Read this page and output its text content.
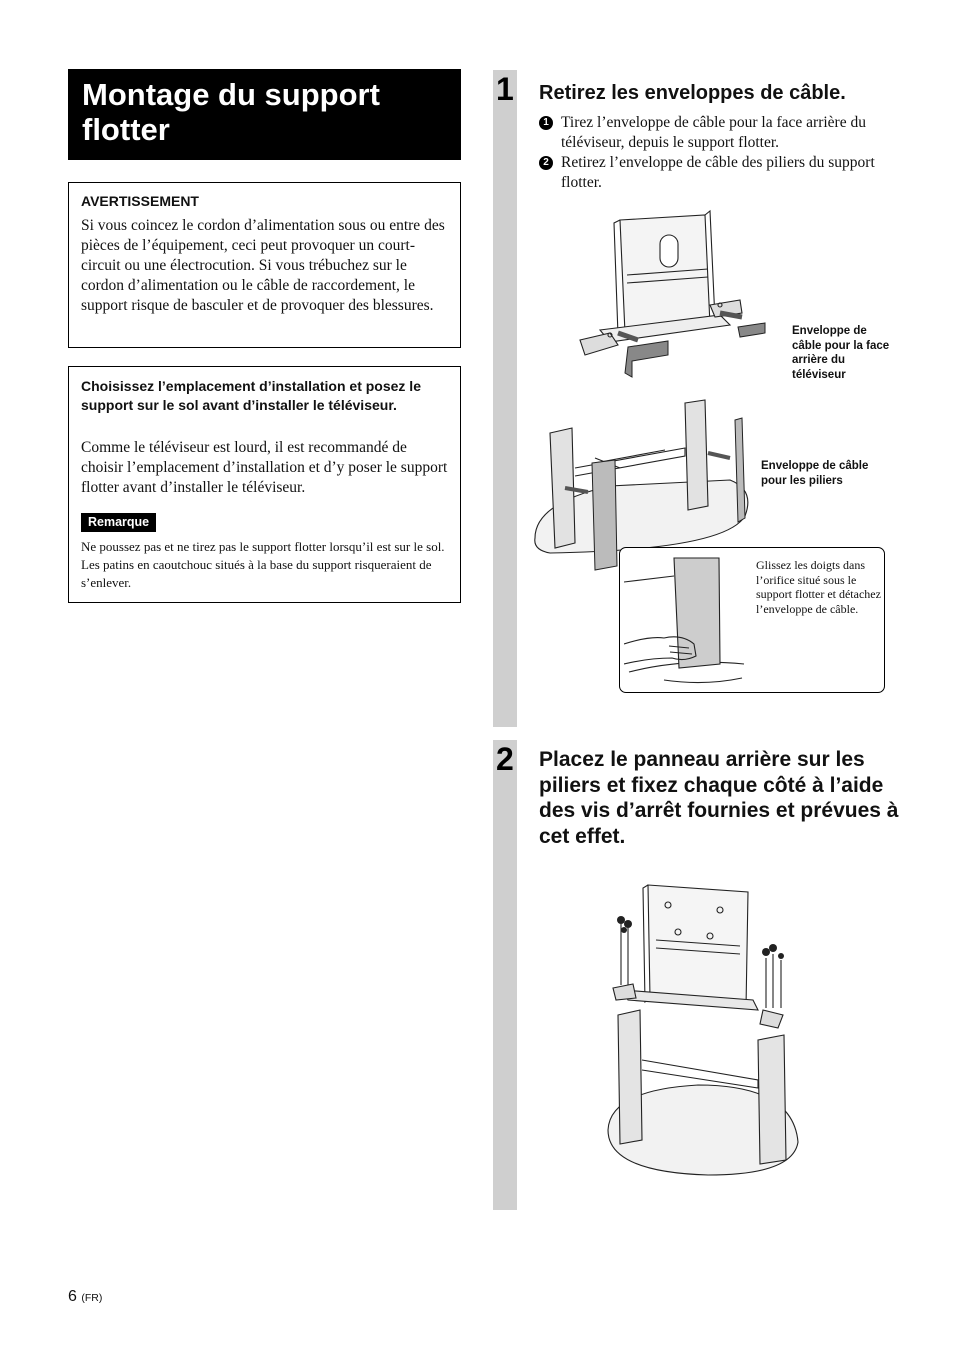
Montage du support flotter
AVERTISSEMENT
Si vous coincez le cordon d’alimentation sous ou entre des pièces de l’équipement, ceci peut provoquer un court-circuit ou une électrocution. Si vous trébuchez sur le cordon d’alimentation ou le câble de raccordement, le support risque de basculer et de provoquer des blessures.
Choisissez l’emplacement d’installation et posez le support sur le sol avant d’installer le téléviseur.
Comme le téléviseur est lourd, il est recommandé de choisir l’emplacement d’installation et d’y poser le support flotter avant d’installer le téléviseur.
Remarque
Ne poussez pas et ne tirez pas le support flotter lorsqu’il est sur le sol. Les patins en caoutchouc situés à la base du support risqueraient de s’enlever.
1 Retirez les enveloppes de câble.
1 Tirez l’enveloppe de câble pour la face arrière du téléviseur, depuis le support flotter.
2 Retirez l’enveloppe de câble des piliers du support flotter.
Enveloppe de câble pour la face arrière du téléviseur
Enveloppe de câble pour les piliers
Glissez les doigts dans l’orifice situé sous le support flotter et détachez l’enveloppe de câble.
2 Placez le panneau arrière sur les piliers et fixez chaque côté à l’aide des vis d’arrêt fournies et prévues à cet effet.
6 (FR)
